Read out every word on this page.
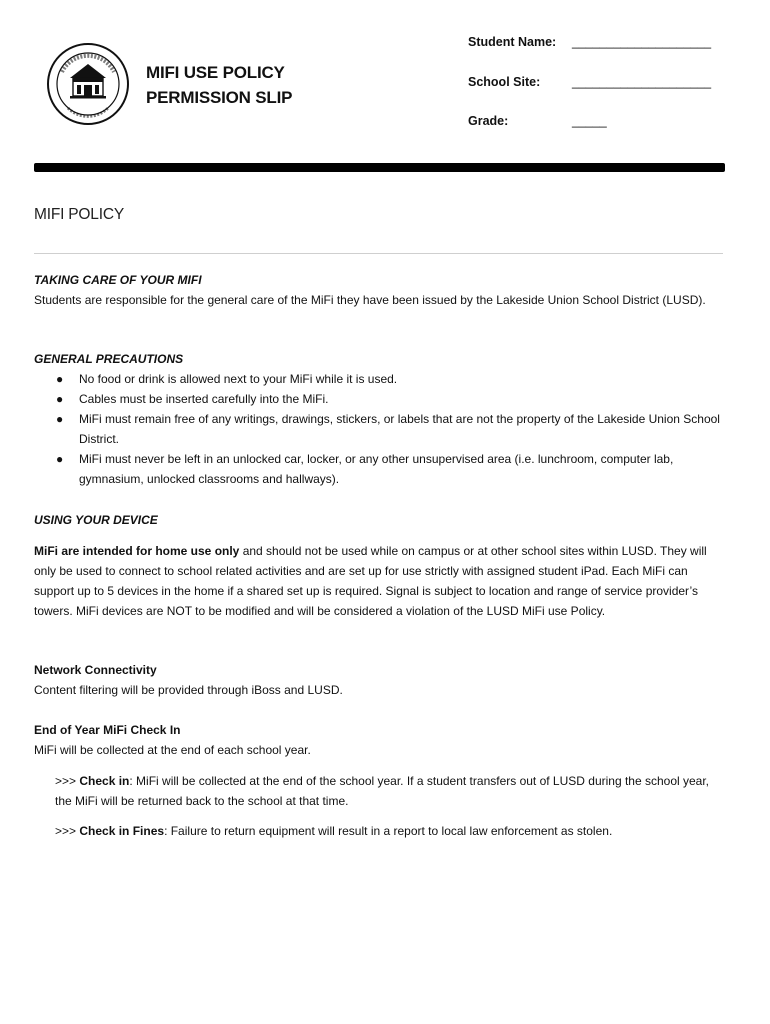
MIFI USE POLICY
PERMISSION SLIP
Student Name: ____________________
School Site:	____________________
Grade:	_____
MIFI POLICY

TAKING CARE OF YOUR MIFI

Students are responsible for the general care of the MiFi they have been issued by the Lakeside Union School District (LUSD).

GENERAL PRECAUTIONS

● No food or drink is allowed next to your MiFi while it is used.
● Cables must be inserted carefully into the MiFi.
● MiFi must remain free of any writings, drawings, stickers, or labels that are not the property of the Lakeside Union School District.
● MiFi must never be left in an unlocked car, locker, or any other unsupervised area (i.e. lunchroom, computer lab, gymnasium, unlocked classrooms and hallways).

USING YOUR DEVICE

MiFi are intended for home use only and should not be used while on campus or at other school sites within LUSD. They will only be used to connect to school related activities and are set up for use strictly with assigned student iPad. Each MiFi can support up to 5 devices in the home if a shared set up is required. Signal is subject to location and range of service provider’s towers. MiFi devices are NOT to be modified and will be considered a violation of the LUSD MiFi use Policy.

Network Connectivity

Content filtering will be provided through iBoss and LUSD.

End of Year MiFi Check In

MiFi will be collected at the end of each school year.

>>> Check in: MiFi will be collected at the end of the school year. If a student transfers out of LUSD during the school year, the MiFi will be returned back to the school at that time.

>>> Check in Fines: Failure to return equipment will result in a report to local law enforcement as stolen.
